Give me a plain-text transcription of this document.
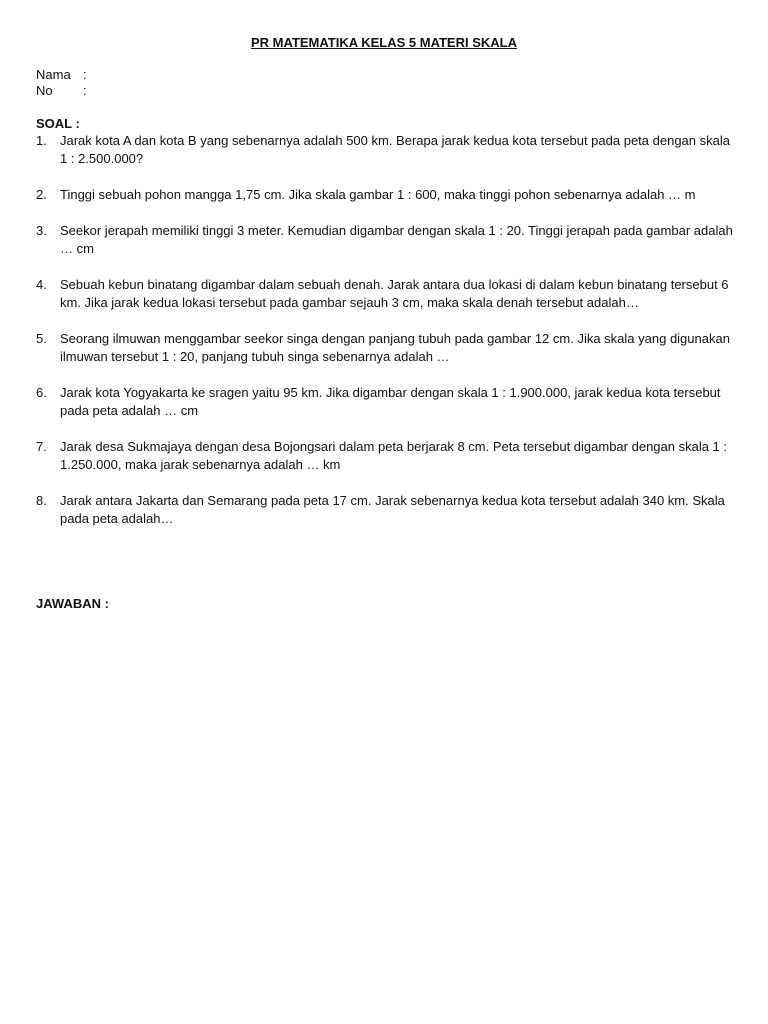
PR MATEMATIKA KELAS 5 MATERI SKALA
Nama :
No	:
SOAL :
1.	Jarak kota A dan kota B yang sebenarnya adalah 500 km. Berapa jarak kedua kota tersebut pada peta dengan skala 1 : 2.500.000?
2.	Tinggi sebuah pohon mangga 1,75 cm. Jika skala gambar 1 : 600, maka tinggi pohon sebenarnya adalah … m
3.	Seekor jerapah memiliki tinggi 3 meter. Kemudian digambar dengan skala 1 : 20. Tinggi jerapah pada gambar adalah … cm
4.	Sebuah kebun binatang digambar dalam sebuah denah. Jarak antara dua lokasi di dalam kebun binatang tersebut 6 km. Jika jarak kedua lokasi tersebut pada gambar sejauh 3 cm, maka skala denah tersebut adalah…
5.	Seorang ilmuwan menggambar seekor singa dengan panjang tubuh pada gambar 12 cm. Jika skala yang digunakan ilmuwan tersebut 1 : 20, panjang tubuh singa sebenarnya adalah …
6.	Jarak kota Yogyakarta ke sragen yaitu 95 km. Jika digambar dengan skala 1 : 1.900.000, jarak kedua kota tersebut pada peta adalah … cm
7.	Jarak desa Sukmajaya dengan desa Bojongsari dalam peta berjarak 8 cm. Peta tersebut digambar dengan skala 1 : 1.250.000, maka jarak sebenarnya adalah … km
8.	Jarak antara Jakarta dan Semarang pada peta 17 cm. Jarak sebenarnya kedua kota tersebut adalah 340 km. Skala pada peta adalah…
JAWABAN :
